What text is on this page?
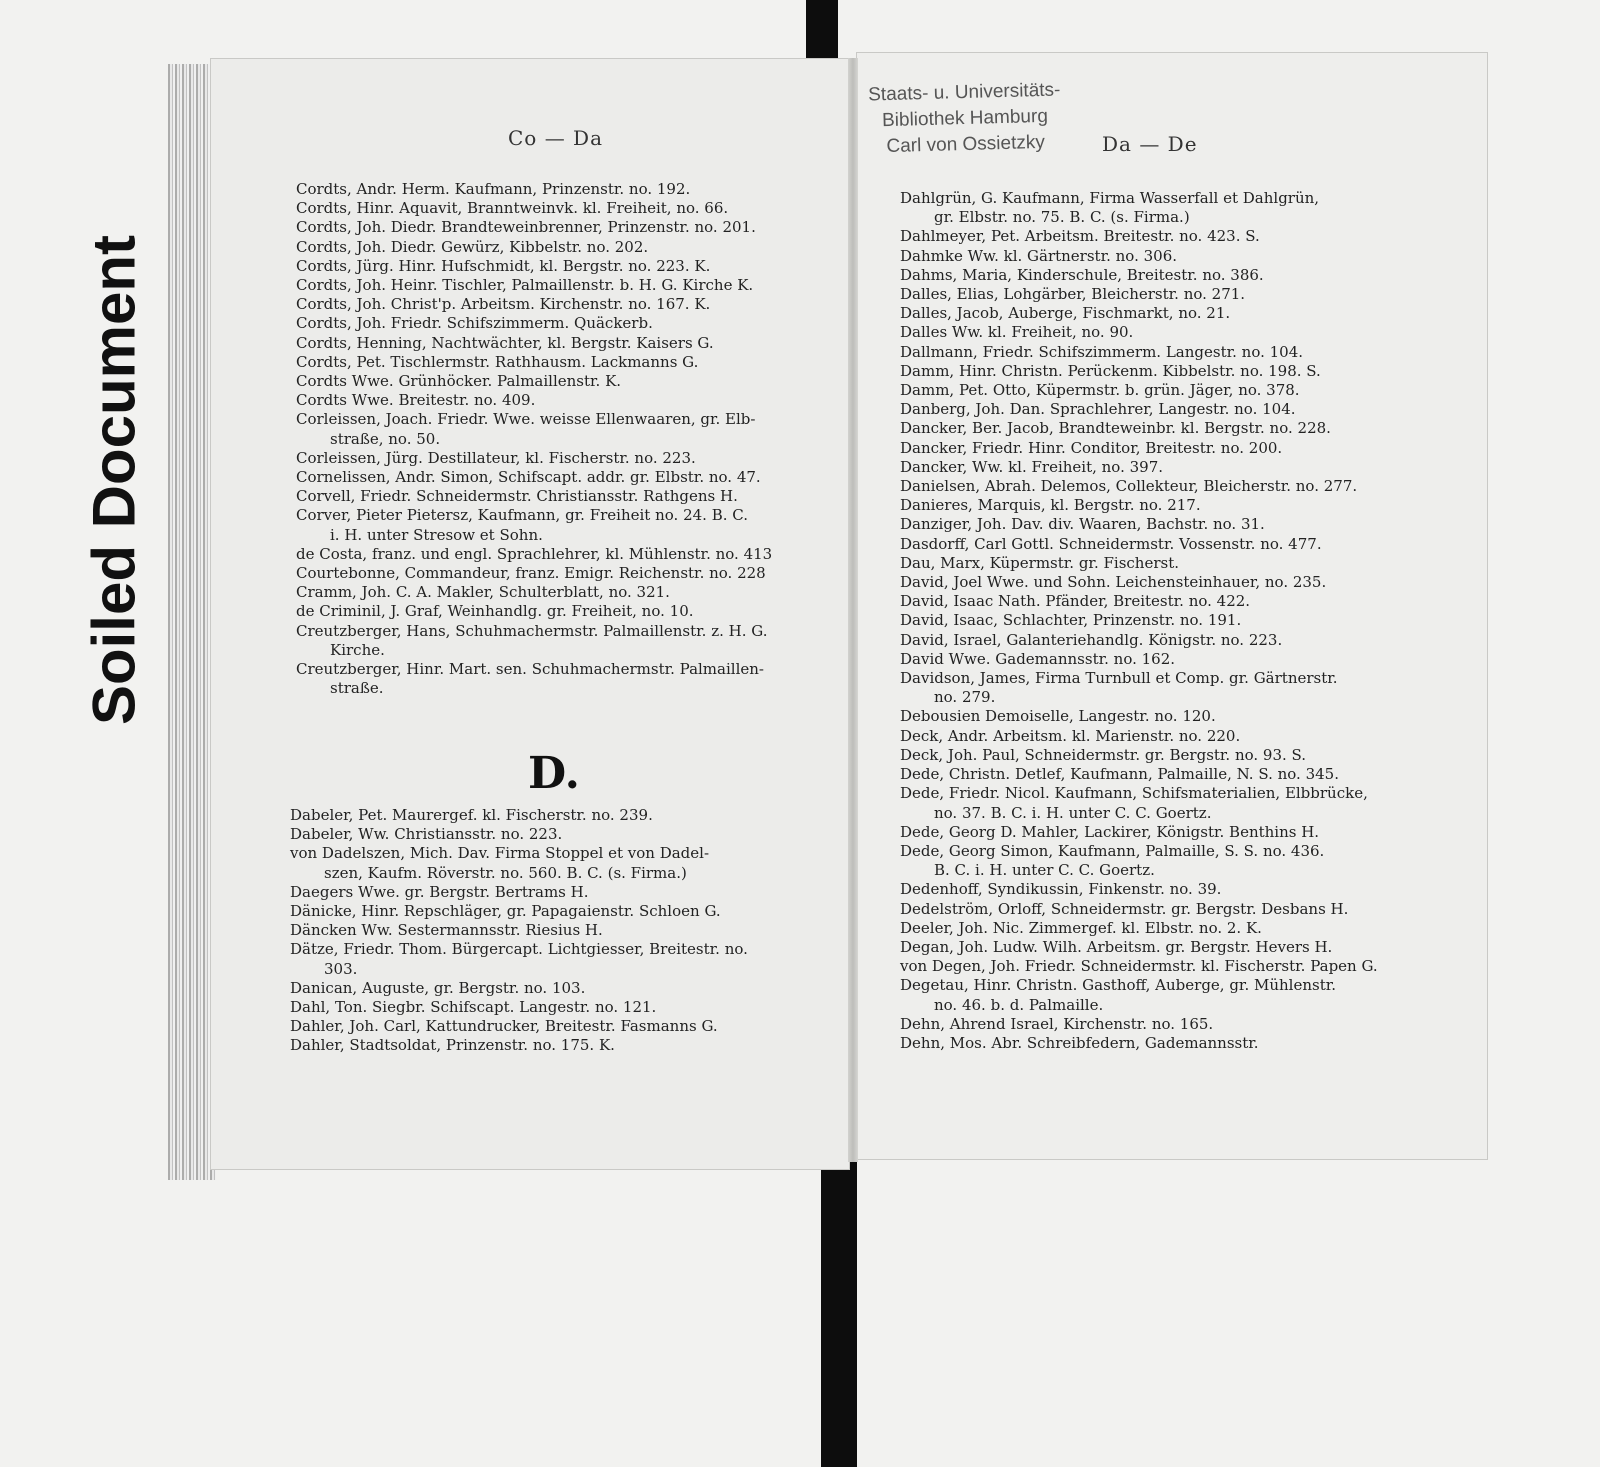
Soiled Document
Staats- u. Universitäts-
Bibliothek Hamburg
Carl von Ossietzky
Co — Da	Da — De
Cordts, Andr. Herm. Kaufmann, Prinzenstr. no. 192.
Cordts, Hinr. Aquavit, Branntweinvk. kl. Freiheit, no. 66.
Cordts, Joh. Diedr. Brandteweinbrenner, Prinzenstr. no. 201.
Cordts, Joh. Diedr. Gewürz, Kibbelstr. no. 202.
Cordts, Jürg. Hinr. Hufschmidt, kl. Bergstr. no. 223. K.
Cordts, Joh. Heinr. Tischler, Palmaillenstr. b. H. G. Kirche K.
Cordts, Joh. Christ'p. Arbeitsm. Kirchenstr. no. 167. K.
Cordts, Joh. Friedr. Schifszimmerm. Quäckerb.
Cordts, Henning, Nachtwächter, kl. Bergstr. Kaisers G.
Cordts, Pet. Tischlermstr. Rathhausm. Lackmanns G.
Cordts Wwe. Grünhöcker. Palmaillenstr. K.
Cordts Wwe. Breitestr. no. 409.
Corleissen, Joach. Friedr. Wwe. weisse Ellenwaaren, gr. Elb-
straße, no. 50.
Corleissen, Jürg. Destillateur, kl. Fischerstr. no. 223.
Cornelissen, Andr. Simon, Schifscapt. addr. gr. Elbstr. no. 47.
Corvell, Friedr. Schneidermstr. Christiansstr. Rathgens H.
Corver, Pieter Pietersz, Kaufmann, gr. Freiheit no. 24. B. C.
i. H. unter Stresow et Sohn.
de Costa, franz. und engl. Sprachlehrer, kl. Mühlenstr. no. 413
Courtebonne, Commandeur, franz. Emigr. Reichenstr. no. 228
Cramm, Joh. C. A. Makler, Schulterblatt, no. 321.
de Criminil, J. Graf, Weinhandlg. gr. Freiheit, no. 10.
Creutzberger, Hans, Schuhmachermstr. Palmaillenstr. z. H. G.
Kirche.
Creutzberger, Hinr. Mart. sen. Schuhmachermstr. Palmaillen-
straße.
D.
Dabeler, Pet. Maurergef. kl. Fischerstr. no. 239.
Dabeler, Ww. Christiansstr. no. 223.
von Dadelszen, Mich. Dav. Firma Stoppel et von Dadel-
szen, Kaufm. Röverstr. no. 560. B. C. (s. Firma.)
Daegers Wwe. gr. Bergstr. Bertrams H.
Dänicke, Hinr. Repschläger, gr. Papagaienstr. Schloen G.
Däncken Ww. Sestermannsstr. Riesius H.
Dätze, Friedr. Thom. Bürgercapt. Lichtgiesser, Breitestr. no.
303.
Danican, Auguste, gr. Bergstr. no. 103.
Dahl, Ton. Siegbr. Schifscapt. Langestr. no. 121.
Dahler, Joh. Carl, Kattundrucker, Breitestr. Fasmanns G.
Dahler, Stadtsoldat, Prinzenstr. no. 175. K.
Dahlgrün, G. Kaufmann, Firma Wasserfall et Dahlgrün,
gr. Elbstr. no. 75. B. C. (s. Firma.)
Dahlmeyer, Pet. Arbeitsm. Breitestr. no. 423. S.
Dahmke Ww. kl. Gärtnerstr. no. 306.
Dahms, Maria, Kinderschule, Breitestr. no. 386.
Dalles, Elias, Lohgärber, Bleicherstr. no. 271.
Dalles, Jacob, Auberge, Fischmarkt, no. 21.
Dalles Ww. kl. Freiheit, no. 90.
Dallmann, Friedr. Schifszimmerm. Langestr. no. 104.
Damm, Hinr. Christn. Perückenm. Kibbelstr. no. 198. S.
Damm, Pet. Otto, Küpermstr. b. grün. Jäger, no. 378.
Danberg, Joh. Dan. Sprachlehrer, Langestr. no. 104.
Dancker, Ber. Jacob, Brandteweinbr. kl. Bergstr. no. 228.
Dancker, Friedr. Hinr. Conditor, Breitestr. no. 200.
Dancker, Ww. kl. Freiheit, no. 397.
Danielsen, Abrah. Delemos, Collekteur, Bleicherstr. no. 277.
Danieres, Marquis, kl. Bergstr. no. 217.
Danziger, Joh. Dav. div. Waaren, Bachstr. no. 31.
Dasdorff, Carl Gottl. Schneidermstr. Vossenstr. no. 477.
Dau, Marx, Küpermstr. gr. Fischerst.
David, Joel Wwe. und Sohn. Leichensteinhauer, no. 235.
David, Isaac Nath. Pfänder, Breitestr. no. 422.
David, Isaac, Schlachter, Prinzenstr. no. 191.
David, Israel, Galanteriehandlg. Königstr. no. 223.
David Wwe. Gademannsstr. no. 162.
Davidson, James, Firma Turnbull et Comp. gr. Gärtnerstr.
no. 279.
Debousien Demoiselle, Langestr. no. 120.
Deck, Andr. Arbeitsm. kl. Marienstr. no. 220.
Deck, Joh. Paul, Schneidermstr. gr. Bergstr. no. 93. S.
Dede, Christn. Detlef, Kaufmann, Palmaille, N. S. no. 345.
Dede, Friedr. Nicol. Kaufmann, Schifsmaterialien, Elbbrücke,
no. 37. B. C. i. H. unter C. C. Goertz.
Dede, Georg D. Mahler, Lackirer, Königstr. Benthins H.
Dede, Georg Simon, Kaufmann, Palmaille, S. S. no. 436.
B. C. i. H. unter C. C. Goertz.
Dedenhoff, Syndikussin, Finkenstr. no. 39.
Dedelström, Orloff, Schneidermstr. gr. Bergstr. Desbans H.
Deeler, Joh. Nic. Zimmergef. kl. Elbstr. no. 2. K.
Degan, Joh. Ludw. Wilh. Arbeitsm. gr. Bergstr. Hevers H.
von Degen, Joh. Friedr. Schneidermstr. kl. Fischerstr. Papen G.
Degetau, Hinr. Christn. Gasthoff, Auberge, gr. Mühlenstr.
no. 46. b. d. Palmaille.
Dehn, Ahrend Israel, Kirchenstr. no. 165.
Dehn, Mos. Abr. Schreibfedern, Gademannsstr.
